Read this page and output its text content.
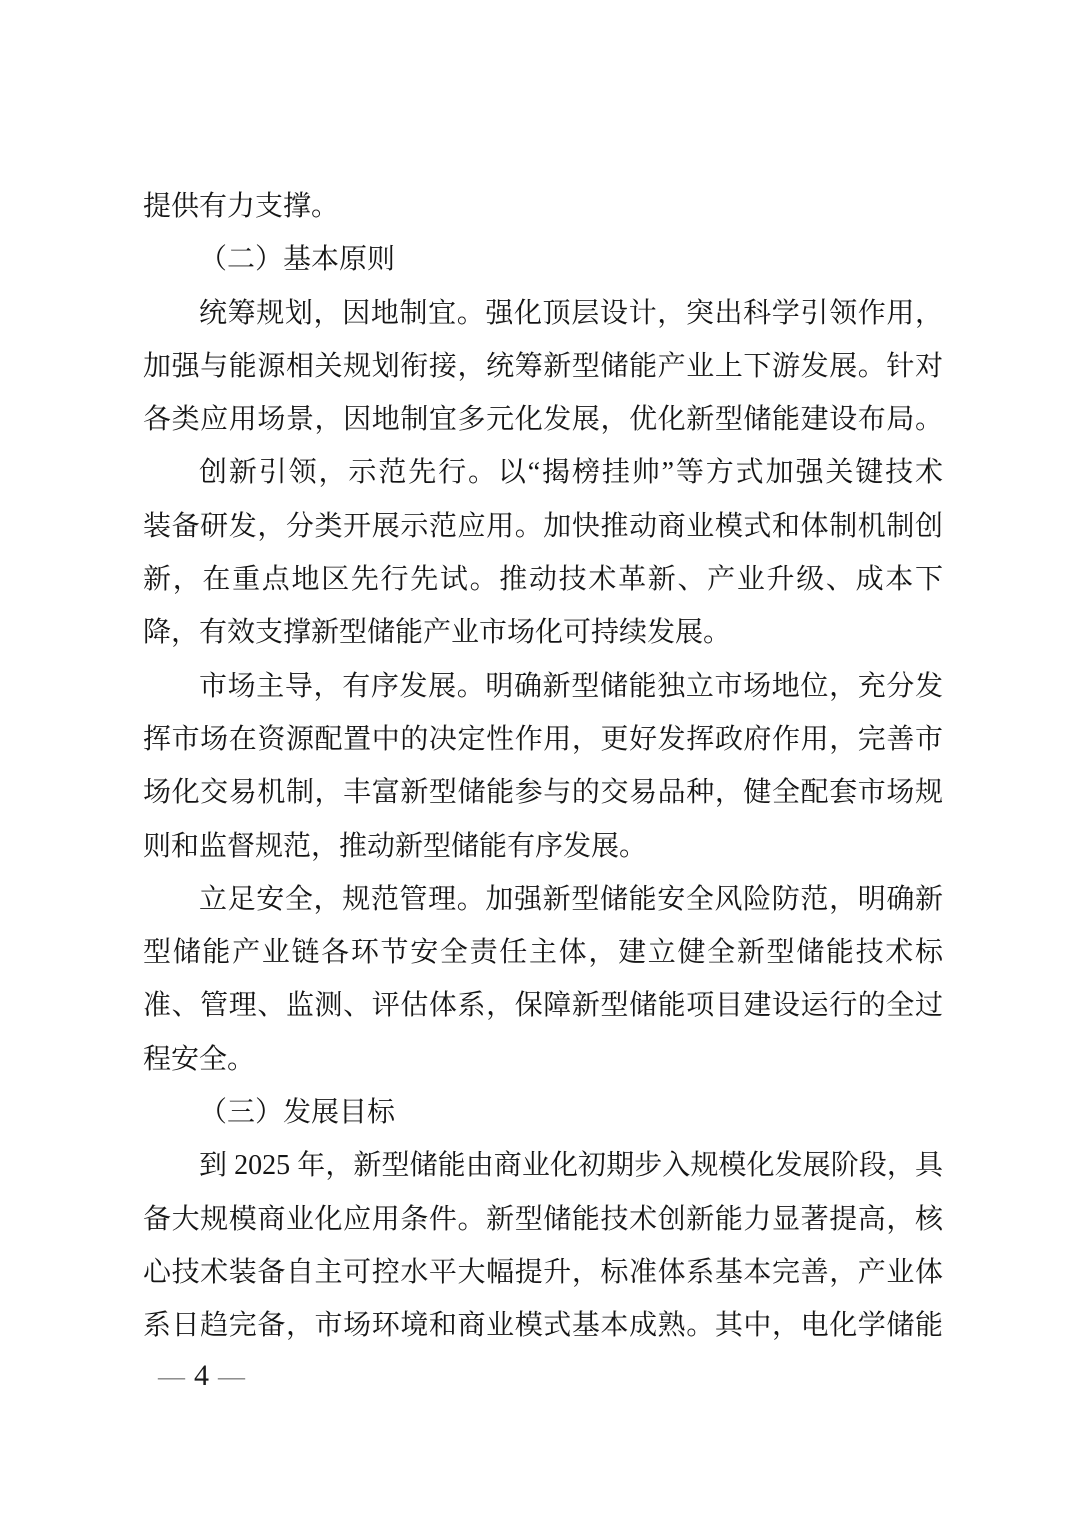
提供有力支撑。
（二）基本原则
统筹规划，因地制宜。强化顶层设计，突出科学引领作用，
加强与能源相关规划衔接，统筹新型储能产业上下游发展。针对
各类应用场景，因地制宜多元化发展，优化新型储能建设布局。
创新引领，示范先行。以“揭榜挂帅”等方式加强关键技术
装备研发，分类开展示范应用。加快推动商业模式和体制机制创
新，在重点地区先行先试。推动技术革新、产业升级、成本下
降，有效支撑新型储能产业市场化可持续发展。
市场主导，有序发展。明确新型储能独立市场地位，充分发
挥市场在资源配置中的决定性作用，更好发挥政府作用，完善市
场化交易机制，丰富新型储能参与的交易品种，健全配套市场规
则和监督规范，推动新型储能有序发展。
立足安全，规范管理。加强新型储能安全风险防范，明确新
型储能产业链各环节安全责任主体，建立健全新型储能技术标
准、管理、监测、评估体系，保障新型储能项目建设运行的全过
程安全。
（三）发展目标
到 2025 年，新型储能由商业化初期步入规模化发展阶段，具
备大规模商业化应用条件。新型储能技术创新能力显著提高，核
心技术装备自主可控水平大幅提升，标准体系基本完善，产业体
系日趋完备，市场环境和商业模式基本成熟。其中，电化学储能
— 4 —
